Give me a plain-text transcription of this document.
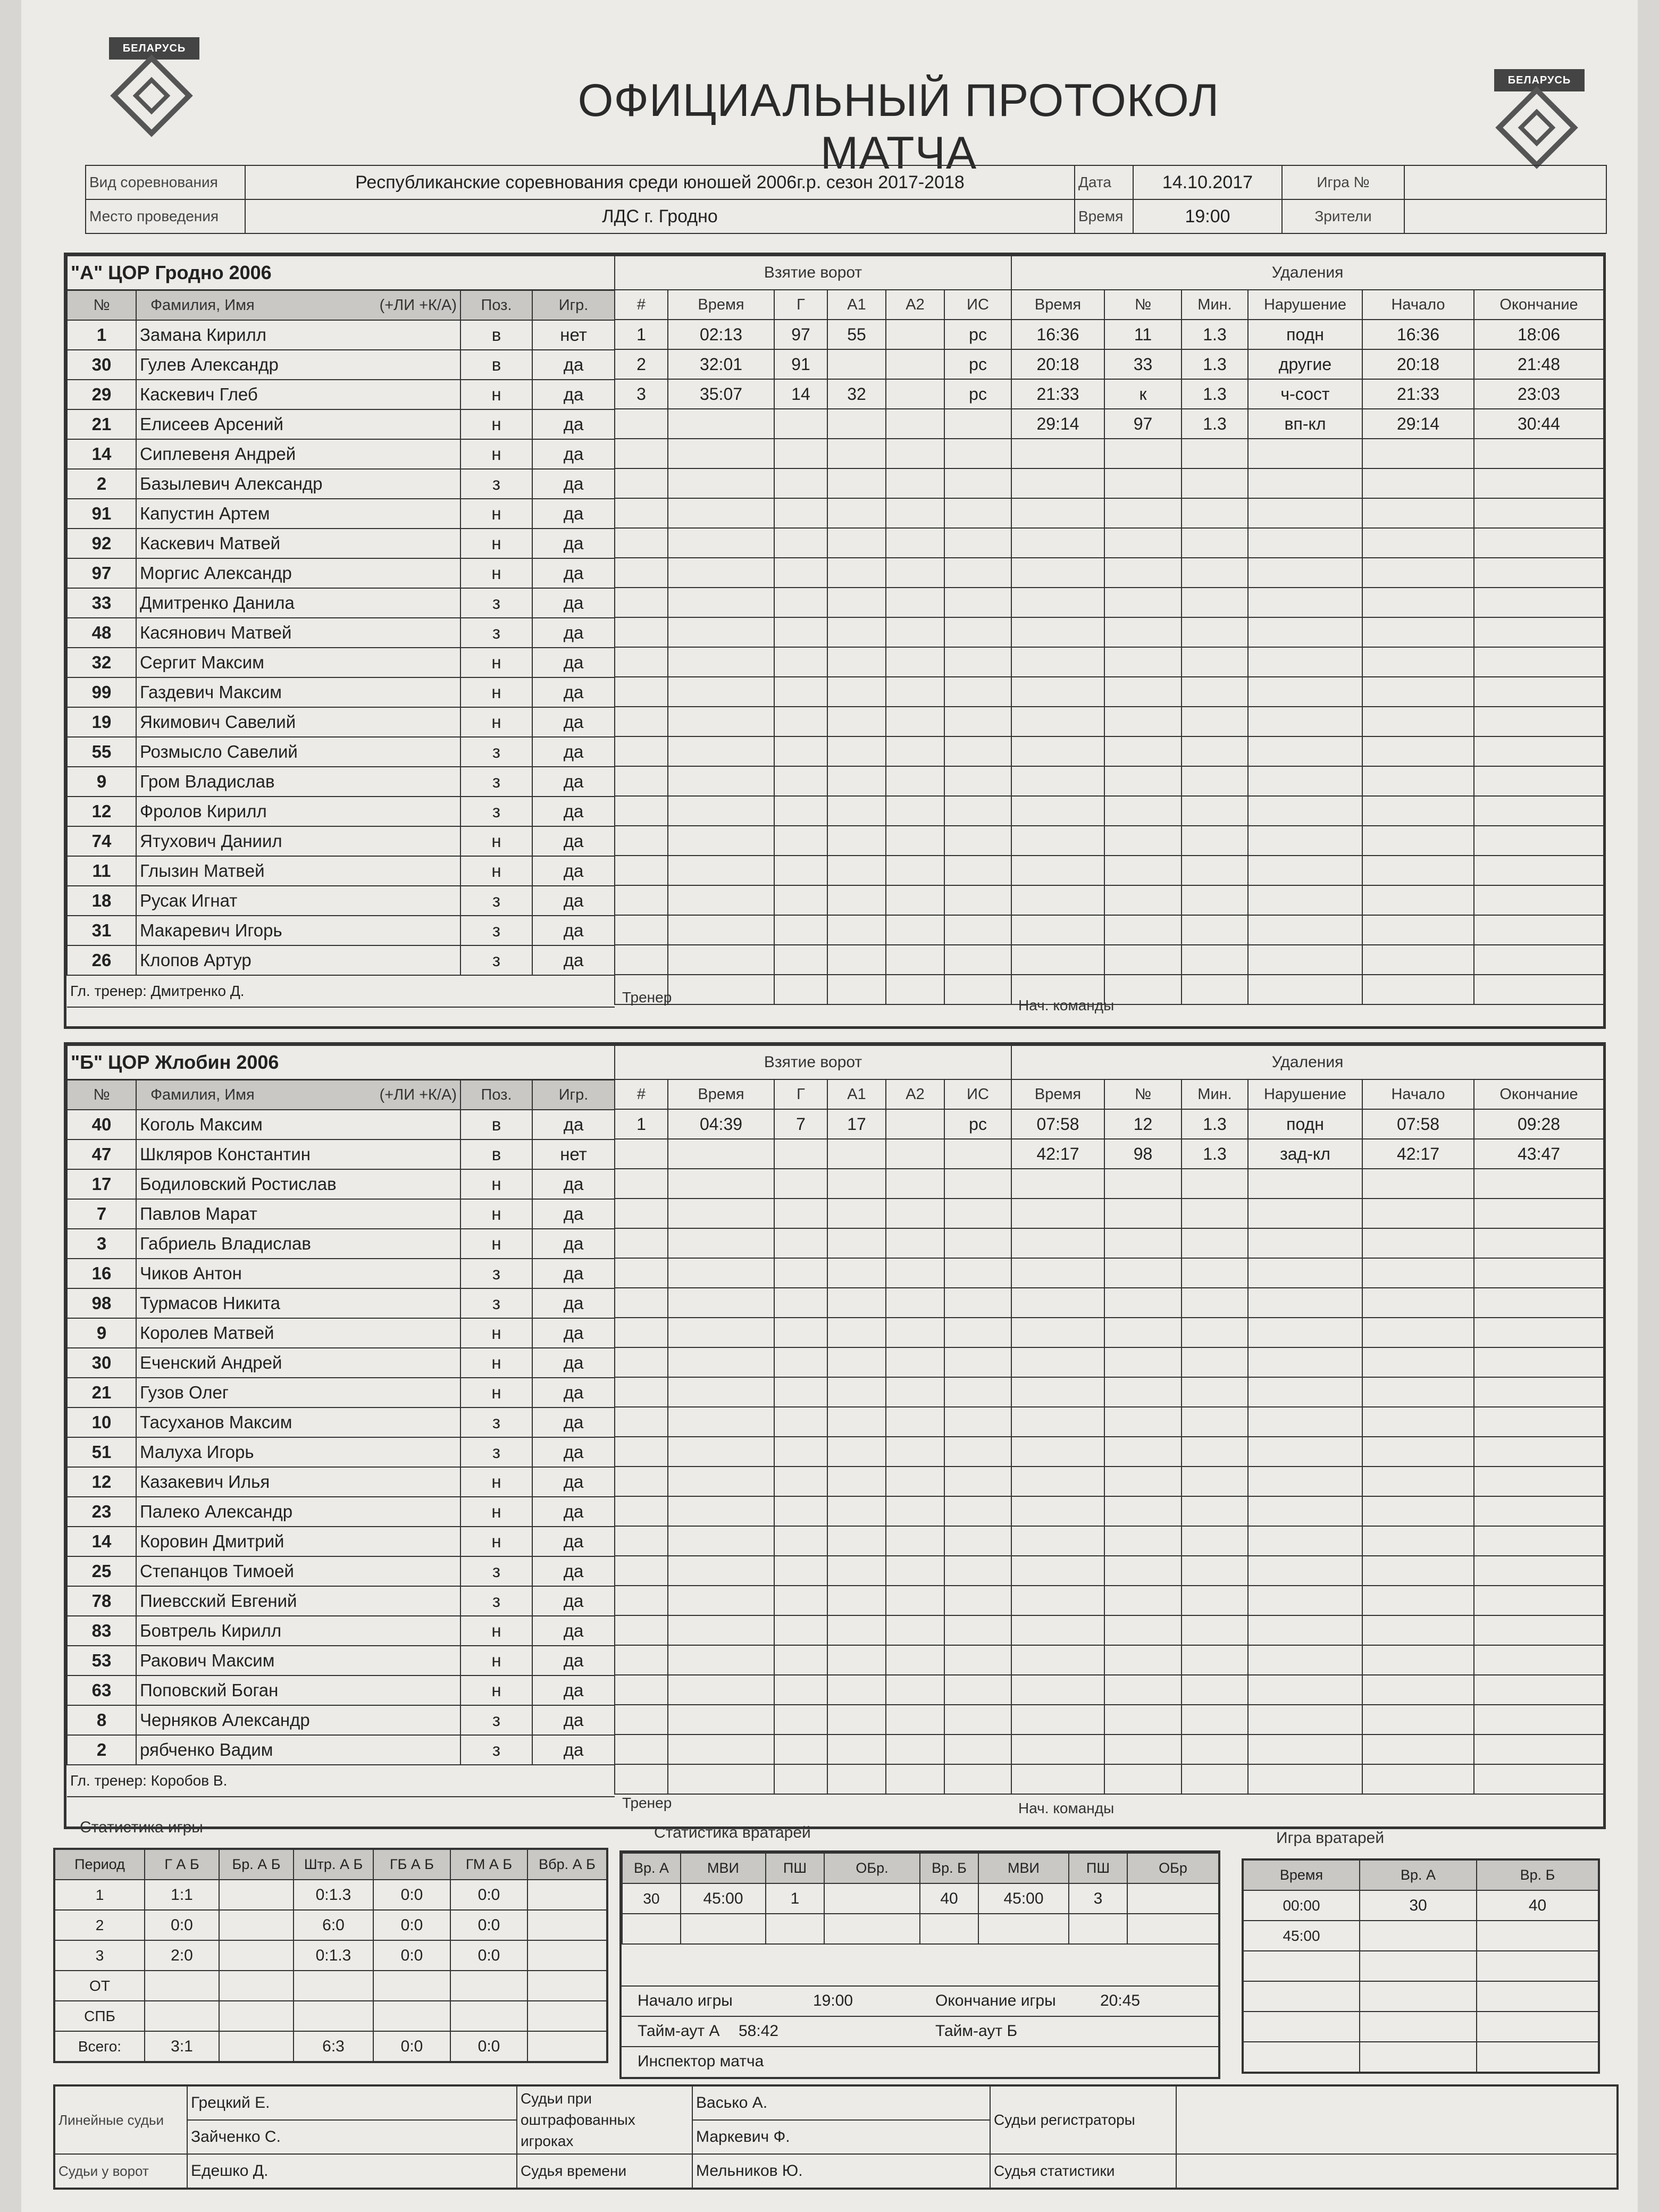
БЕЛАРУСЬ
БЕЛАРУСЬ
ОФИЦИАЛЬНЫЙ ПРОТОКОЛ МАТЧА
Вид соревнования	Республиканские соревнования среди юношей 2006г.р. сезон 2017-2018	Дата	14.10.2017	Игра №	
Место проведения	ЛДС г. Гродно	Время	19:00	Зрители	
"А" ЦОР Гродно 2006			
№	Фамилия, Имя (+ЛИ +К/А)	Поз.	Игр.
1	Замана Кирилл	в	нет
30	Гулев Александр	в	да
29	Каскевич Глеб	н	да
21	Елисеев Арсений	н	да
14	Сиплевеня Андрей	н	да
2	Базылевич Александр	з	да
91	Капустин Артем	н	да
92	Каскевич Матвей	н	да
97	Моргис Александр	н	да
33	Дмитренко Данила	з	да
48	Касянович Матвей	з	да
32	Сергит Максим	н	да
99	Газдевич Максим	н	да
19	Якимович Савелий	н	да
55	Розмысло Савелий	з	да
9	Гром Владислав	з	да
12	Фролов Кирилл	з	да
74	Ятухович Даниил	н	да
11	Глызин Матвей	н	да
18	Русак Игнат	з	да
31	Макаревич Игорь	з	да
26	Клопов Артур	з	да
Гл. тренер: Дмитренко Д.			
Взятие ворот					
#	Время	Г	А1	А2	ИС
1	02:13	97	55		рс
2	32:01	91			рс
3	35:07	14	32		рс

Удаления					
Время	№	Мин.	Нарушение	Начало	Окончание
16:36	11	1.3	подн	16:36	18:06
20:18	33	1.3	другие	20:18	21:48
21:33	к	1.3	ч-сост	21:33	23:03
29:14	97	1.3	вп-кл	29:14	30:44

Тренер	Нач. команды
"Б" ЦОР Жлобин 2006			
№	Фамилия, Имя (+ЛИ +К/А)	Поз.	Игр.
40	Коголь Максим	в	да
47	Шкляров Константин	в	нет
17	Бодиловский Ростислав	н	да
7	Павлов Марат	н	да
3	Габриель Владислав	н	да
16	Чиков Антон	з	да
98	Турмасов Никита	з	да
9	Королев Матвей	н	да
30	Еченский Андрей	н	да
21	Гузов Олег	н	да
10	Тасуханов Максим	з	да
51	Малуха Игорь	з	да
12	Казакевич Илья	н	да
23	Палеко Александр	н	да
14	Коровин Дмитрий	н	да
25	Степанцов Тимоей	з	да
78	Пиевсский Евгений	з	да
83	Бовтрель Кирилл	н	да
53	Ракович Максим	н	да
63	Поповский Боган	н	да
8	Черняков Александр	з	да
2	рябченко Вадим	з	да
Гл. тренер: Коробов В.			
Взятие ворот					
#	Время	Г	А1	А2	ИС
1	04:39	7	17		рс

Удаления					
Время	№	Мин.	Нарушение	Начало	Окончание
07:58	12	1.3	подн	07:58	09:28
42:17	98	1.3	зад-кл	42:17	43:47

Тренер	Нач. команды
Статистика игры
Период	Г А Б	Бр. А Б	Штр. А Б	ГБ А Б	ГМ А Б	Вбр. А Б
1	1:1		0:1.3	0:0	0:0	
2	0:0		6:0	0:0	0:0	
3	2:0		0:1.3	0:0	0:0	
ОТ						
СПБ						
Всего:	3:1		6:3	0:0	0:0	
Статистика вратарей
Вр. А	МВИ	ПШ	ОБр.	Вр. Б	МВИ	ПШ	ОБр
30	45:00	1		40	45:00	3	

Начало игры	19:00	Окончание игры	20:45
Тайм-аут А 58:42	Тайм-аут Б
Инспектор матча
Игра вратарей
Время	Вр. А	Вр. Б
00:00	30	40
45:00		

Линейные судьи	Грецкий Е.	Судьи при оштрафованных игроках	Васько А.	Судьи регистраторы	
	Зайченко С.		Маркевич Ф.		
Судьи у ворот	Едешко Д.	Судья времени	Мельников Ю.	Судья статистики	
